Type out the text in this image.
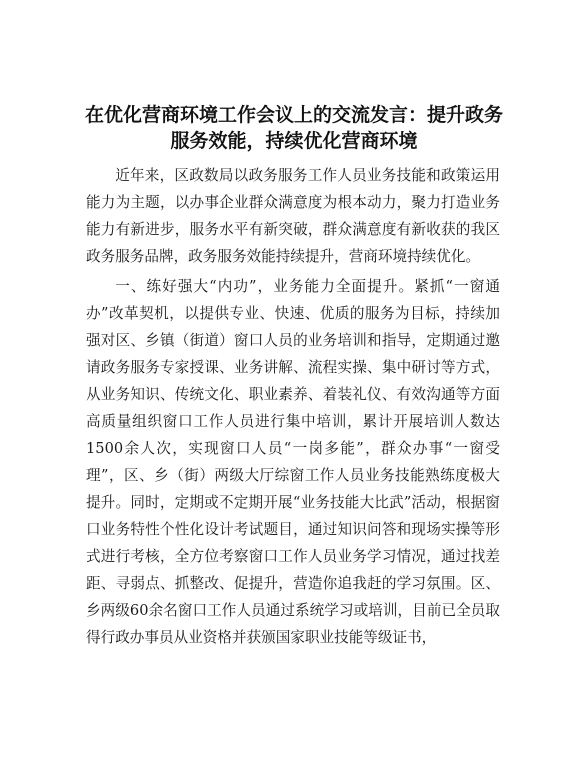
在优化营商环境工作会议上的交流发言：提升政务服务效能，持续优化营商环境

近年来，区政数局以政务服务工作人员业务技能和政策运用能力为主题，以办事企业群众满意度为根本动力，聚力打造业务能力有新进步，服务水平有新突破，群众满意度有新收获的我区政务服务品牌，政务服务效能持续提升，营商环境持续优化。

一、练好强大“内功”，业务能力全面提升。紧抓“一窗通办”改革契机，以提供专业、快速、优质的服务为目标，持续加强对区、乡镇（街道）窗口人员的业务培训和指导，定期通过邀请政务服务专家授课、业务讲解、流程实操、集中研讨等方式，从业务知识、传统文化、职业素养、着装礼仪、有效沟通等方面高质量组织窗口工作人员进行集中培训，累计开展培训人数达1500余人次，实现窗口人员“一岗多能”，群众办事“一窗受理”，区、乡（街）两级大厅综窗工作人员业务技能熟练度极大提升。同时，定期或不定期开展“业务技能大比武”活动，根据窗口业务特性个性化设计考试题目，通过知识问答和现场实操等形式进行考核，全方位考察窗口工作人员业务学习情况，通过找差距、寻弱点、抓整改、促提升，营造你追我赶的学习氛围。区、乡两级60余名窗口工作人员通过系统学习或培训，目前已全员取得行政办事员从业资格并获颁国家职业技能等级证书，
